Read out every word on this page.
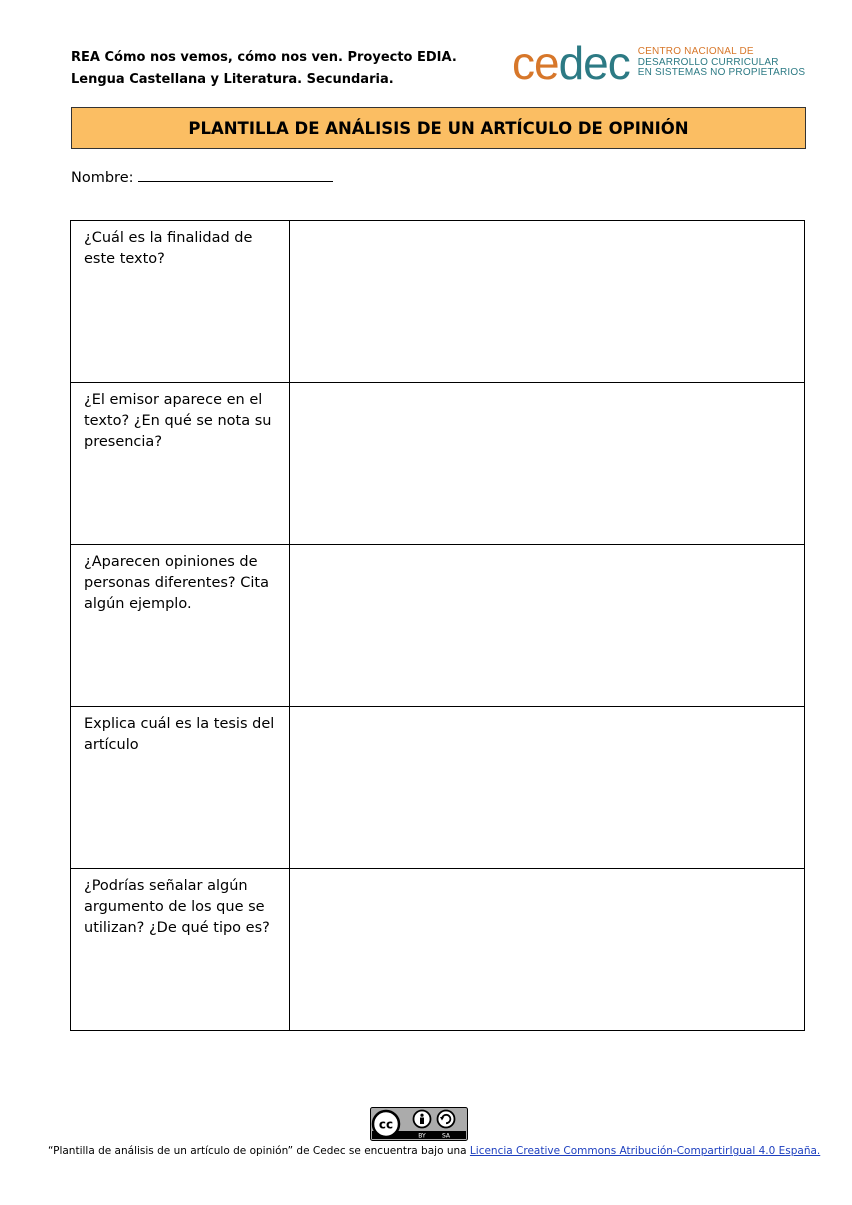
REA Cómo nos vemos, cómo nos ven. Proyecto EDIA.
Lengua Castellana y Literatura. Secundaria.	cedec CENTRO NACIONAL DE
DESARROLLO CURRICULAR
EN SISTEMAS NO PROPIETARIOS
PLANTILLA DE ANÁLISIS DE UN ARTÍCULO DE OPINIÓN
Nombre:
¿Cuál es la finalidad de este texto?	
¿El emisor aparece en el texto? ¿En qué se nota su presencia?	
¿Aparecen opiniones de personas diferentes? Cita algún ejemplo.	
Explica cuál es la tesis del artículo	
¿Podrías señalar algún argumento de los que se utilizan? ¿De qué tipo es?	
cc
BY	SA
“Plantilla de análisis de un artículo de opinión” de Cedec se encuentra bajo una Licencia Creative Commons Atribución-CompartirIgual 4.0 España.
